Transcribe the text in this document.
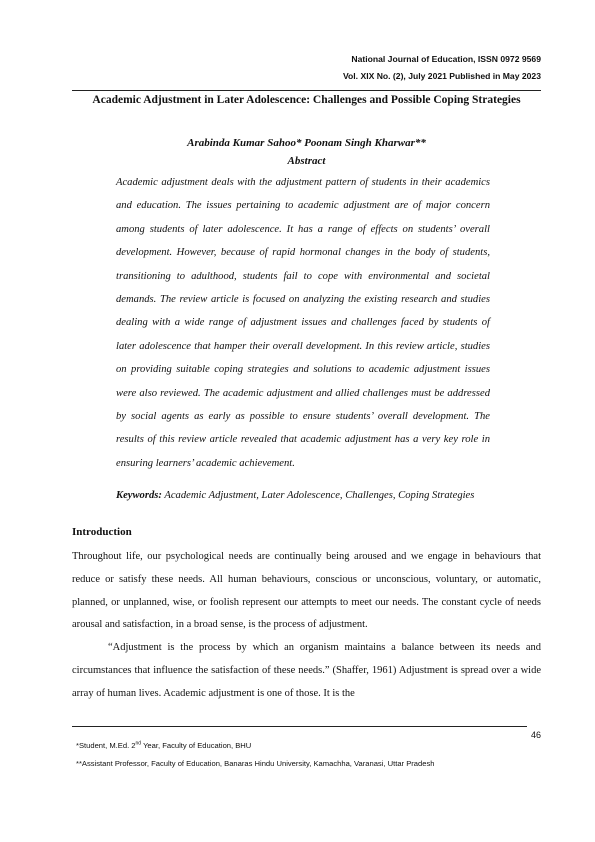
National Journal of Education, ISSN 0972 9569
Vol. XIX No. (2), July 2021 Published in May 2023
Academic Adjustment in Later Adolescence: Challenges and Possible Coping Strategies
Arabinda Kumar Sahoo* Poonam Singh Kharwar**
Abstract

Academic adjustment deals with the adjustment pattern of students in their academics and education. The issues pertaining to academic adjustment are of major concern among students of later adolescence. It has a range of effects on students’ overall development. However, because of rapid hormonal changes in the body of students, transitioning to adulthood, students fail to cope with environmental and societal demands. The review article is focused on analyzing the existing research and studies dealing with a wide range of adjustment issues and challenges faced by students of later adolescence that hamper their overall development. In this review article, studies on providing suitable coping strategies and solutions to academic adjustment issues were also reviewed. The academic adjustment and allied challenges must be addressed by social agents as early as possible to ensure students’ overall development. The results of this review article revealed that academic adjustment has a very key role in ensuring learners’ academic achievement.

Keywords: Academic Adjustment, Later Adolescence, Challenges, Coping Strategies

Introduction

Throughout life, our psychological needs are continually being aroused and we engage in behaviours that reduce or satisfy these needs. All human behaviours, conscious or unconscious, voluntary, or automatic, planned, or unplanned, wise, or foolish represent our attempts to meet our needs. The constant cycle of needs arousal and satisfaction, in a broad sense, is the process of adjustment.

“Adjustment is the process by which an organism maintains a balance between its needs and circumstances that influence the satisfaction of these needs.” (Shaffer, 1961) Adjustment is spread over a wide array of human lives. Academic adjustment is one of those. It is the

46
*Student, M.Ed. 2nd Year, Faculty of Education, BHU
**Assistant Professor, Faculty of Education, Banaras Hindu University, Kamachha, Varanasi, Uttar Pradesh
